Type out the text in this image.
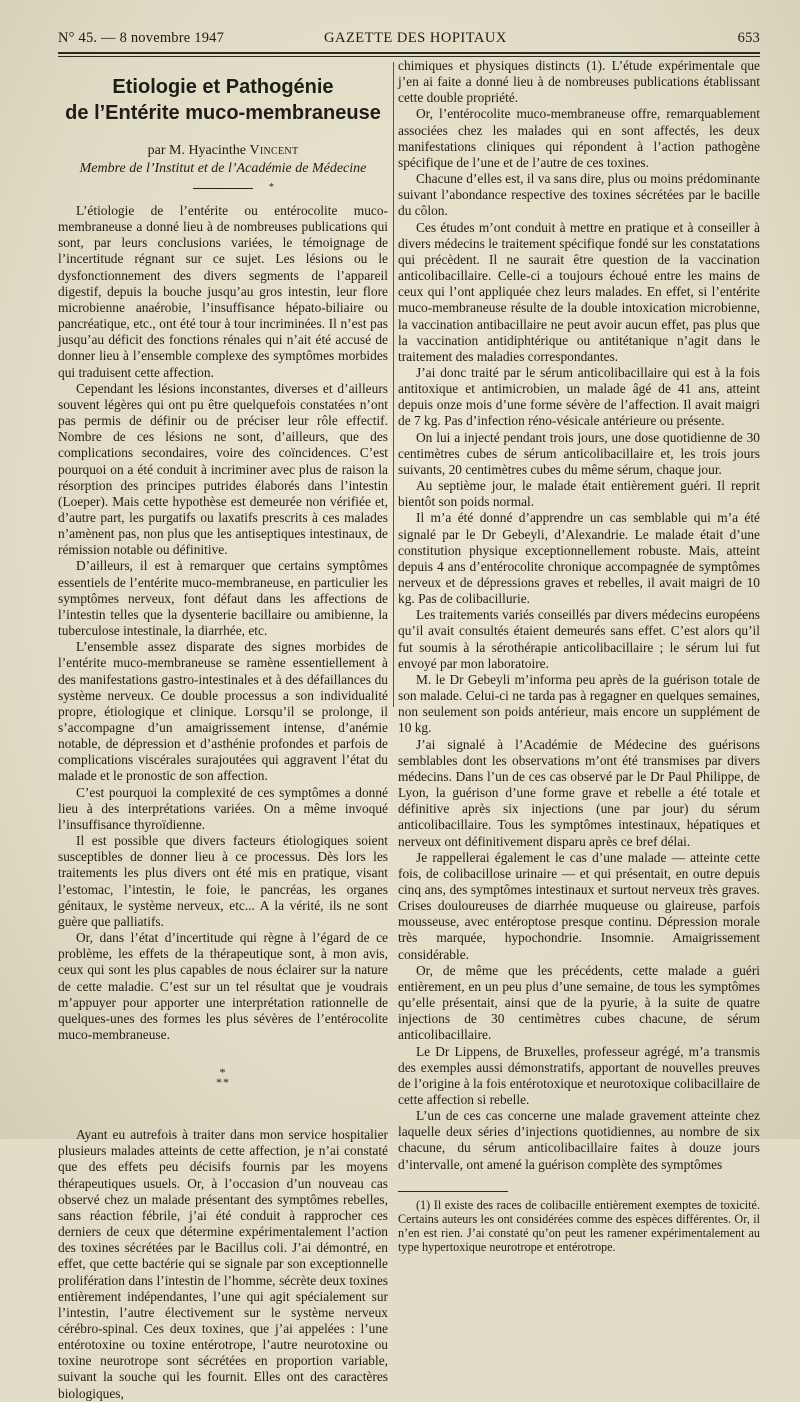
N° 45. — 8 novembre 1947	GAZETTE DES HOPITAUX	653
Etiologie et Pathogénie
de l’Entérite muco-membraneuse
par M. Hyacinthe Vincent
Membre de l’Institut et de l’Académie de Médecine
*

L’étiologie de l’entérite ou entérocolite muco-membraneuse a donné lieu à de nombreuses publications qui sont, par leurs conclusions variées, le témoignage de l’incertitude régnant sur ce sujet. Les lésions ou le dysfonctionnement des divers segments de l’appareil digestif, depuis la bouche jusqu’au gros intestin, leur flore microbienne anaérobie, l’insuffisance hépato-biliaire ou pancréatique, etc., ont été tour à tour incriminées. Il n’est pas jusqu’au déficit des fonctions rénales qui n’ait été accusé de donner lieu à l’ensemble complexe des symptômes morbides qui traduisent cette affection.

Cependant les lésions inconstantes, diverses et d’ailleurs souvent légères qui ont pu être quelquefois constatées n’ont pas permis de définir ou de préciser leur rôle effectif. Nombre de ces lésions ne sont, d’ailleurs, que des complications secondaires, voire des coïncidences. C’est pourquoi on a été conduit à incriminer avec plus de raison la résorption des principes putrides élaborés dans l’intestin (Loeper). Mais cette hypothèse est demeurée non vérifiée et, d’autre part, les purgatifs ou laxatifs prescrits à ces malades n’amènent pas, non plus que les antiseptiques intestinaux, de rémission notable ou définitive.

D’ailleurs, il est à remarquer que certains symptômes essentiels de l’entérite muco-membraneuse, en particulier les symptômes nerveux, font défaut dans les affections de l’intestin telles que la dysenterie bacillaire ou amibienne, la tuberculose intestinale, la diarrhée, etc.

L’ensemble assez disparate des signes morbides de l’entérite muco-membraneuse se ramène essentiellement à des manifestations gastro-intestinales et à des défaillances du système nerveux. Ce double processus a son individualité propre, étiologique et clinique. Lorsqu’il se prolonge, il s’accompagne d’un amaigrissement intense, d’anémie notable, de dépression et d’asthénie profondes et parfois de complications viscérales surajoutées qui aggravent l’état du malade et le pronostic de son affection.

C’est pourquoi la complexité de ces symptômes a donné lieu à des interprétations variées. On a même invoqué l’insuffisance thyroïdienne.

Il est possible que divers facteurs étiologiques soient susceptibles de donner lieu à ce processus. Dès lors les traitements les plus divers ont été mis en pratique, visant l’estomac, l’intestin, le foie, le pancréas, les organes génitaux, le système nerveux, etc... A la vérité, ils ne sont guère que palliatifs.

Or, dans l’état d’incertitude qui règne à l’égard de ce problème, les effets de la thérapeutique sont, à mon avis, ceux qui sont les plus capables de nous éclairer sur la nature de cette maladie. C’est sur un tel résultat que je voudrais m’appuyer pour apporter une interprétation rationnelle de quelques-unes des formes les plus sévères de l’entérocolite muco-membraneuse.

*
**

Ayant eu autrefois à traiter dans mon service hospitalier plusieurs malades atteints de cette affection, je n’ai constaté que des effets peu décisifs fournis par les moyens thérapeutiques usuels. Or, à l’occasion d’un nouveau cas observé chez un malade présentant des symptômes rebelles, sans réaction fébrile, j’ai été conduit à rapprocher ces derniers de ceux que détermine expérimentalement l’action des toxines sécrétées par le Bacillus coli. J’ai démontré, en effet, que cette bactérie qui se signale par son exceptionnelle prolifération dans l’intestin de l’homme, sécrète deux toxines entièrement indépendantes, l’une qui agit spécialement sur l’intestin, l’autre électivement sur le système nerveux cérébro-spinal. Ces deux toxines, que j’ai appelées : l’une entérotoxine ou toxine entérotrope, l’autre neurotoxine ou toxine neurotrope sont sécrétées en proportion variable, suivant la souche qui les fournit. Elles ont des caractères biologiques,

chimiques et physiques distincts (1). L’étude expérimentale que j’en ai faite a donné lieu à de nombreuses publications établissant cette double propriété.

Or, l’entérocolite muco-membraneuse offre, remarquablement associées chez les malades qui en sont affectés, les deux manifestations cliniques qui répondent à l’action pathogène spécifique de l’une et de l’autre de ces toxines.

Chacune d’elles est, il va sans dire, plus ou moins prédominante suivant l’abondance respective des toxines sécrétées par le bacille du côlon.

Ces études m’ont conduit à mettre en pratique et à conseiller à divers médecins le traitement spécifique fondé sur les constatations qui précèdent. Il ne saurait être question de la vaccination anticolibacillaire. Celle-ci a toujours échoué entre les mains de ceux qui l’ont appliquée chez leurs malades. En effet, si l’entérite muco-membraneuse résulte de la double intoxication microbienne, la vaccination antibacillaire ne peut avoir aucun effet, pas plus que la vaccination antidiphtérique ou antitétanique n’agit dans le traitement des maladies correspondantes.

J’ai donc traité par le sérum anticolibacillaire qui est à la fois antitoxique et antimicrobien, un malade âgé de 41 ans, atteint depuis onze mois d’une forme sévère de l’affection. Il avait maigri de 7 kg. Pas d’infection réno-vésicale antérieure ou présente.

On lui a injecté pendant trois jours, une dose quotidienne de 30 centimètres cubes de sérum anticolibacillaire et, les trois jours suivants, 20 centimètres cubes du même sérum, chaque jour.

Au septième jour, le malade était entièrement guéri. Il reprit bientôt son poids normal.

Il m’a été donné d’apprendre un cas semblable qui m’a été signalé par le Dr Gebeyli, d’Alexandrie. Le malade était d’une constitution physique exceptionnellement robuste. Mais, atteint depuis 4 ans d’entérocolite chronique accompagnée de symptômes nerveux et de dépressions graves et rebelles, il avait maigri de 10 kg. Pas de colibacillurie.

Les traitements variés conseillés par divers médecins européens qu’il avait consultés étaient demeurés sans effet. C’est alors qu’il fut soumis à la sérothérapie anticolibacillaire ; le sérum lui fut envoyé par mon laboratoire.

M. le Dr Gebeyli m’informa peu après de la guérison totale de son malade. Celui-ci ne tarda pas à regagner en quelques semaines, non seulement son poids antérieur, mais encore un supplément de 10 kg.

J’ai signalé à l’Académie de Médecine des guérisons semblables dont les observations m’ont été transmises par divers médecins. Dans l’un de ces cas observé par le Dr Paul Philippe, de Lyon, la guérison d’une forme grave et rebelle a été totale et définitive après six injections (une par jour) du sérum anticolibacillaire. Tous les symptômes intestinaux, hépatiques et nerveux ont définitivement disparu après ce bref délai.

Je rappellerai également le cas d’une malade — atteinte cette fois, de colibacillose urinaire — et qui présentait, en outre depuis cinq ans, des symptômes intestinaux et surtout nerveux très graves. Crises douloureuses de diarrhée muqueuse ou glaireuse, parfois mousseuse, avec entéroptose presque continu. Dépression morale très marquée, hypochondrie. Insomnie. Amaigrissement considérable.

Or, de même que les précédents, cette malade a guéri entièrement, en un peu plus d’une semaine, de tous les symptômes qu’elle présentait, ainsi que de la pyurie, à la suite de quatre injections de 30 centimètres cubes chacune, de sérum anticolibacillaire.

Le Dr Lippens, de Bruxelles, professeur agrégé, m’a transmis des exemples aussi démonstratifs, apportant de nouvelles preuves de l’origine à la fois entérotoxique et neurotoxique colibacillaire de cette affection si rebelle.

L’un de ces cas concerne une malade gravement atteinte chez laquelle deux séries d’injections quotidiennes, au nombre de six chacune, du sérum anticolibacillaire faites à douze jours d’intervalle, ont amené la guérison complète des symptômes

(1) Il existe des races de colibacille entièrement exemptes de toxicité. Certains auteurs les ont considérées comme des espèces différentes. Or, il n’en est rien. J’ai constaté qu’on peut les ramener expérimentalement au type hypertoxique neurotrope et entérotrope.
